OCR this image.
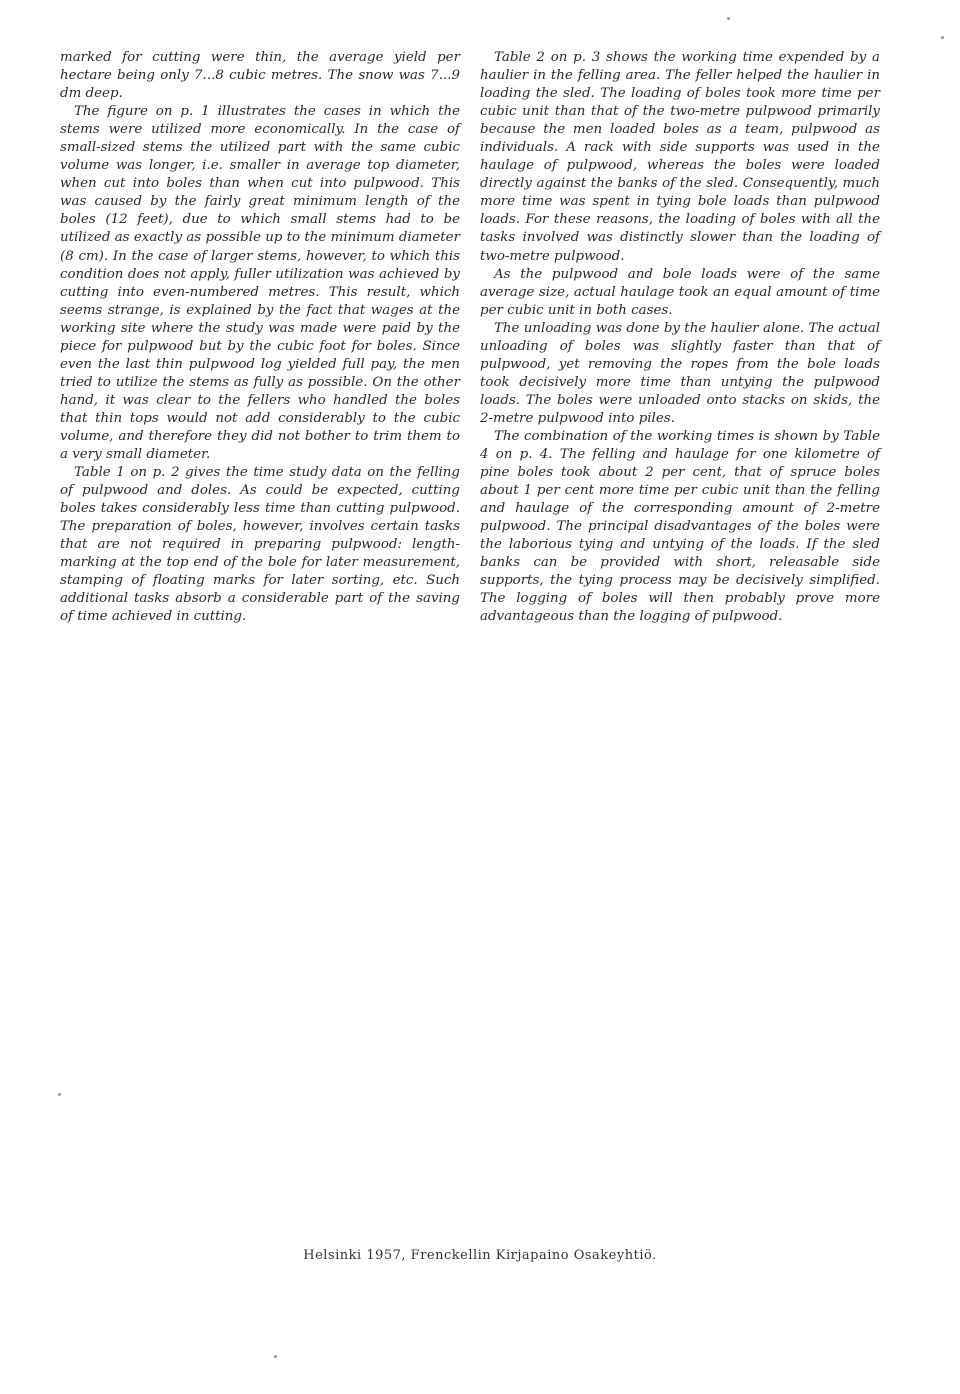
marked for cutting were thin, the average yield per hectare being only 7...8 cubic metres. The snow was 7...9 dm deep.

The figure on p. 1 illustrates the cases in which the stems were utilized more economically. In the case of small-sized stems the utilized part with the same cubic volume was longer, i.e. smaller in average top diameter, when cut into boles than when cut into pulpwood. This was caused by the fairly great minimum length of the boles (12 feet), due to which small stems had to be utilized as exactly as possible up to the minimum diameter (8 cm). In the case of larger stems, however, to which this condition does not apply, fuller utilization was achieved by cutting into even-numbered metres. This result, which seems strange, is explained by the fact that wages at the working site where the study was made were paid by the piece for pulpwood but by the cubic foot for boles. Since even the last thin pulpwood log yielded full pay, the men tried to utilize the stems as fully as possible. On the other hand, it was clear to the fellers who handled the boles that thin tops would not add considerably to the cubic volume, and therefore they did not bother to trim them to a very small diameter.

Table 1 on p. 2 gives the time study data on the felling of pulpwood and doles. As could be expected, cutting boles takes considerably less time than cutting pulpwood. The preparation of boles, however, involves certain tasks that are not required in preparing pulpwood: length-marking at the top end of the bole for later measurement, stamping of floating marks for later sorting, etc. Such additional tasks absorb a considerable part of the saving of time achieved in cutting.

Table 2 on p. 3 shows the working time expended by a haulier in the felling area. The feller helped the haulier in loading the sled. The loading of boles took more time per cubic unit than that of the two-metre pulpwood primarily because the men loaded boles as a team, pulpwood as individuals. A rack with side supports was used in the haulage of pulpwood, whereas the boles were loaded directly against the banks of the sled. Consequently, much more time was spent in tying bole loads than pulpwood loads. For these reasons, the loading of boles with all the tasks involved was distinctly slower than the loading of two-metre pulpwood.

As the pulpwood and bole loads were of the same average size, actual haulage took an equal amount of time per cubic unit in both cases.

The unloading was done by the haulier alone. The actual unloading of boles was slightly faster than that of pulpwood, yet removing the ropes from the bole loads took decisively more time than untying the pulpwood loads. The boles were unloaded onto stacks on skids, the 2-metre pulpwood into piles.

The combination of the working times is shown by Table 4 on p. 4. The felling and haulage for one kilometre of pine boles took about 2 per cent, that of spruce boles about 1 per cent more time per cubic unit than the felling and haulage of the corresponding amount of 2-metre pulpwood. The principal disadvantages of the boles were the laborious tying and untying of the loads. If the sled banks can be provided with short, releasable side supports, the tying process may be decisively simplified. The logging of boles will then probably prove more advantageous than the logging of pulpwood.

Helsinki 1957, Frenckellin Kirjapaino Osakeyhtiö.
